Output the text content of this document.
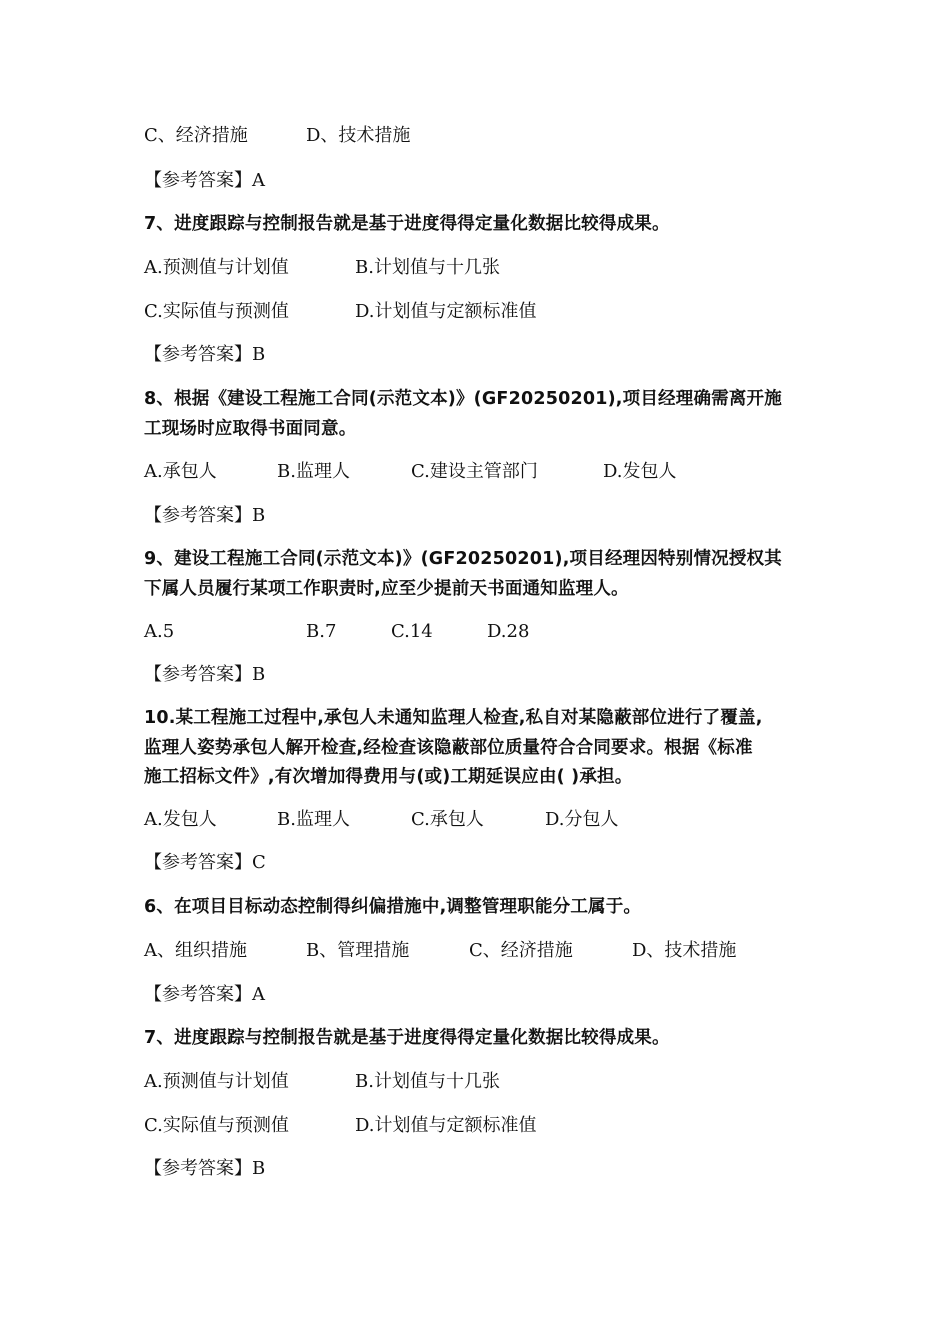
C、经济措施	D、技术措施
【参考答案】A
7、进度跟踪与控制报告就是基于进度得得定量化数据比较得成果。
A.预测值与计划值	B.计划值与十几张
C.实际值与预测值	D.计划值与定额标准值
【参考答案】B
8、根据《建设工程施工合同(示范文本)》(GF20250201),项目经理确需离开施
工现场时应取得书面同意。
A.承包人	B.监理人	C.建设主管部门	D.发包人
【参考答案】B
9、建设工程施工合同(示范文本)》(GF20250201),项目经理因特别情况授权其
下属人员履行某项工作职责时,应至少提前天书面通知监理人。
A.5	B.7	C.14	D.28
【参考答案】B
10.某工程施工过程中,承包人未通知监理人检查,私自对某隐蔽部位进行了覆盖,
监理人姿势承包人解开检查,经检查该隐蔽部位质量符合合同要求。根据《标准
施工招标文件》,有次增加得费用与(或)工期延误应由( )承担。
A.发包人	B.监理人	C.承包人	D.分包人
【参考答案】C
6、在项目目标动态控制得纠偏措施中,调整管理职能分工属于。
A、组织措施	B、管理措施	C、经济措施	D、技术措施
【参考答案】A
7、进度跟踪与控制报告就是基于进度得得定量化数据比较得成果。
A.预测值与计划值	B.计划值与十几张
C.实际值与预测值	D.计划值与定额标准值
【参考答案】B
